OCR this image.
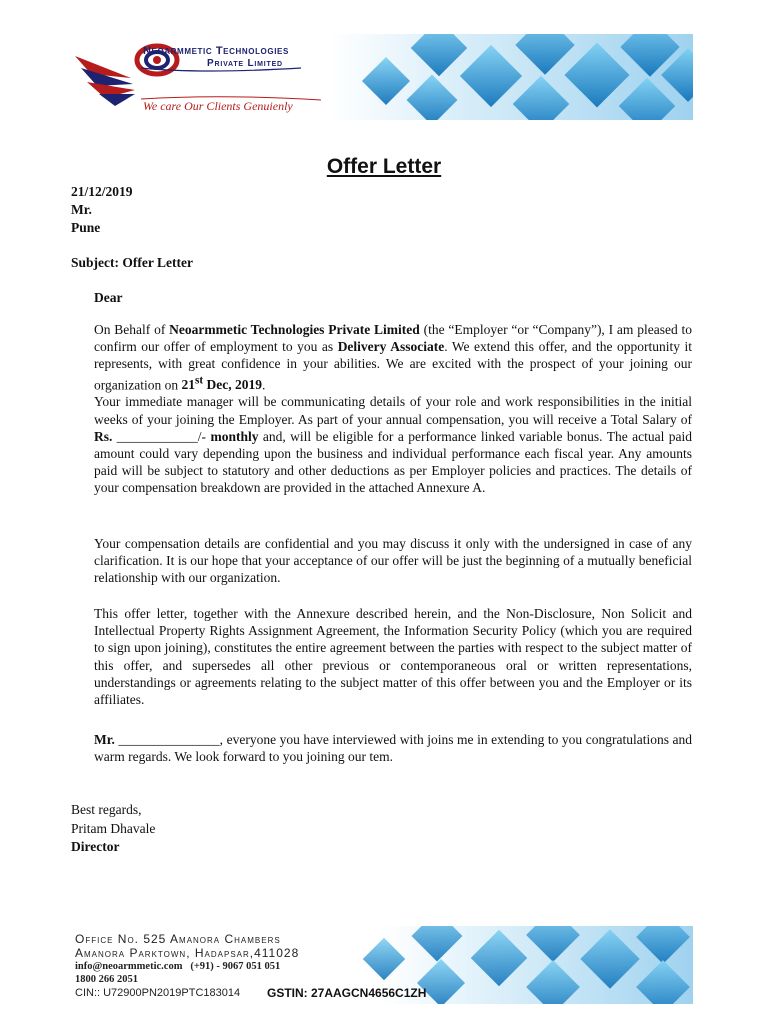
Neoarmmetic Technologies
Private Limited
We care Our Clients Genuienly
Offer Letter
21/12/2019
Mr.
Pune
Subject: Offer Letter
Dear

On Behalf of Neoarmmetic Technologies Private Limited (the “Employer “or “Company”), I am pleased to confirm our offer of employment to you as Delivery Associate. We extend this offer, and the opportunity it represents, with great confidence in your abilities. We are excited with the prospect of your joining our organization on 21st Dec, 2019.
Your immediate manager will be communicating details of your role and work responsibilities in the initial weeks of your joining the Employer. As part of your annual compensation, you will receive a Total Salary of Rs. ____________/- monthly and, will be eligible for a performance linked variable bonus. The actual paid amount could vary depending upon the business and individual performance each fiscal year. Any amounts paid will be subject to statutory and other deductions as per Employer policies and practices. The details of your compensation breakdown are provided in the attached Annexure A.

Your compensation details are confidential and you may discuss it only with the undersigned in case of any clarification. It is our hope that your acceptance of our offer will be just the beginning of a mutually beneficial relationship with our organization.

This offer letter, together with the Annexure described herein, and the Non-Disclosure, Non Solicit and Intellectual Property Rights Assignment Agreement, the Information Security Policy (which you are required to sign upon joining), constitutes the entire agreement between the parties with respect to the subject matter of this offer, and supersedes all other previous or contemporaneous oral or written representations, understandings or agreements relating to the subject matter of this offer between you and the Employer or its affiliates.

Mr. _______________, everyone you have interviewed with joins me in extending to you congratulations and warm regards. We look forward to you joining our tem.

Best regards,
Pritam Dhavale
Director
Office No. 525 Amanora Chambers
Amanora Parktown, Hadapsar,411028
info@neoarmmetic.com (+91) - 9067 051 051
1800 266 2051
CIN:: U72900PN2019PTC183014 GSTIN: 27AAGCN4656C1ZH
